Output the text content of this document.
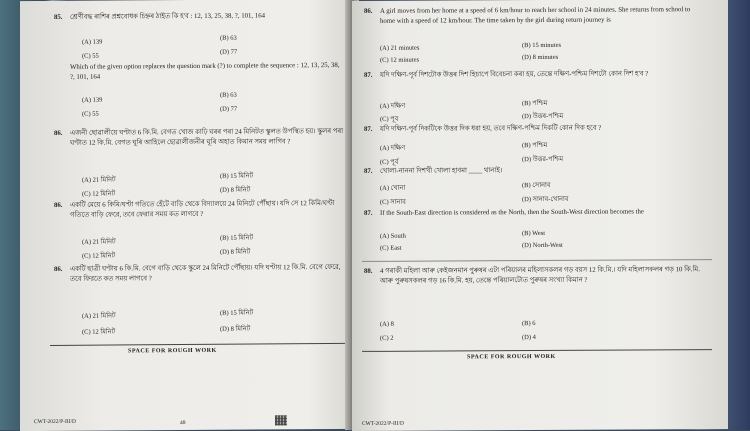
85. শ্রেণীবদ্ধ ৰাশিৰ প্ৰশ্নবোধক চিহ্নৰ ঠাইত কি হ'ব : 12, 13, 25, 38, ?, 101, 164
(A) 139
(B) 63
(C) 55
(D) 77
Which of the given option replaces the question mark (?) to complete the sequence : 12, 13, 25, 38, ?, 101, 164
(A) 139
(B) 63
(C) 55
(D) 77
86. এজনী ছোৱালীয়ে ঘণ্টাত 6 কি.মি. বেগত খোজ কাঢ়ি ঘৰৰ পৰা 24 মিনিটত স্কুলত উপস্থিত হয়। স্কুলৰ পৰা ঘণ্টাত 12 কি.মি. বেগত ঘূৰি আহিলে ছোৱালীজনীৰ ঘূৰি অহাত কিমান সময় লাগিব ?
(A) 21 মিনিট
(B) 15 মিনিট
(C) 12 মিনিট
(D) 8 মিনিট
86. একটি মেয়ে 6 কিমি/ঘণ্টা গতিতে হেঁটে বাড়ি থেকে বিদ্যালয়ে 24 মিনিটে পৌঁছায়। যদি সে 12 কিমি/ঘণ্টা গতিতে বাড়ি ফেরে, তবে ফেরার সময় কত লাগবে ?
(A) 21 মিনিট
(B) 15 মিনিট
(C) 12 মিনিট
(D) 8 মিনিট
86. একটি ছাত্রী ঘণ্টায় 6 কি.মি. বেগে বাড়ি থেকে স্কুলে 24 মিনিটে পৌঁছায়। যদি ঘণ্টায় 12 কি.মি. বেগে ফেরে, তবে ফিরতে কত সময় লাগবে ?
(A) 21 মিনিট	(B) 15 মিনিট
(C) 12 মিনিট	(D) 8 মিনিট
SPACE FOR ROUGH WORK
CWT-2022/P-III/D	48
86. A girl moves from her home at a speed of 6 km/hour to reach her school in 24 minutes. She returns from school to home with a speed of 12 km/hour. The time taken by the girl during return journey is
(A) 21 minutes	(B) 15 minutes
(C) 12 minutes	(D) 8 minutes
87. যদি দক্ষিণ-পূর্ব দিশটোক উত্তৰ দিশ হিচাপে বিবেচনা কৰা হয়, তেন্তে দক্ষিণ-পশ্চিম দিশটো কোন দিশ হ'ব ?
(A) দক্ষিণ	(B) পশ্চিম
(C) পূব	(D) উত্তৰ-পশ্চিম
87. যদি দক্ষিণ-পূর্ব দিকটিকে উত্তর দিক ধরা হয়, তবে দক্ষিণ-পশ্চিম দিকটি কোন দিক হবে ?
(A) দক্ষিণ	(B) পশ্চিম
(C) পূর্ব	(D) উত্তর-পশ্চিম
87. খোলা-নাননা দিশখী খোলা হাবমা ____ থানাই।
(A) খোনা	(B) সোনাব
(C) সানাব	(D) সানাব-খোনাব
87. If the South-East direction is considered as the North, then the South-West direction becomes the
(A) South	(B) West
(C) East	(D) North-West
88. 4 গৰাকী মহিলা আৰু কেইজনমান পুৰুষৰ এটা পৰিয়ালৰ মহিলাসকলৰ গড় বয়স 12 কি.মি.। যদি মহিলাসকলৰ গড় 10 কি.মি. আৰু পুৰুষসকলৰ গড় 16 কি.মি. হয়, তেন্তে পৰিয়ালটোত পুৰুষৰ সংখ্যা কিমান ?
(A) 8	(B) 6
(C) 2	(D) 4
SPACE FOR ROUGH WORK
CWT-2022/P-III/D
